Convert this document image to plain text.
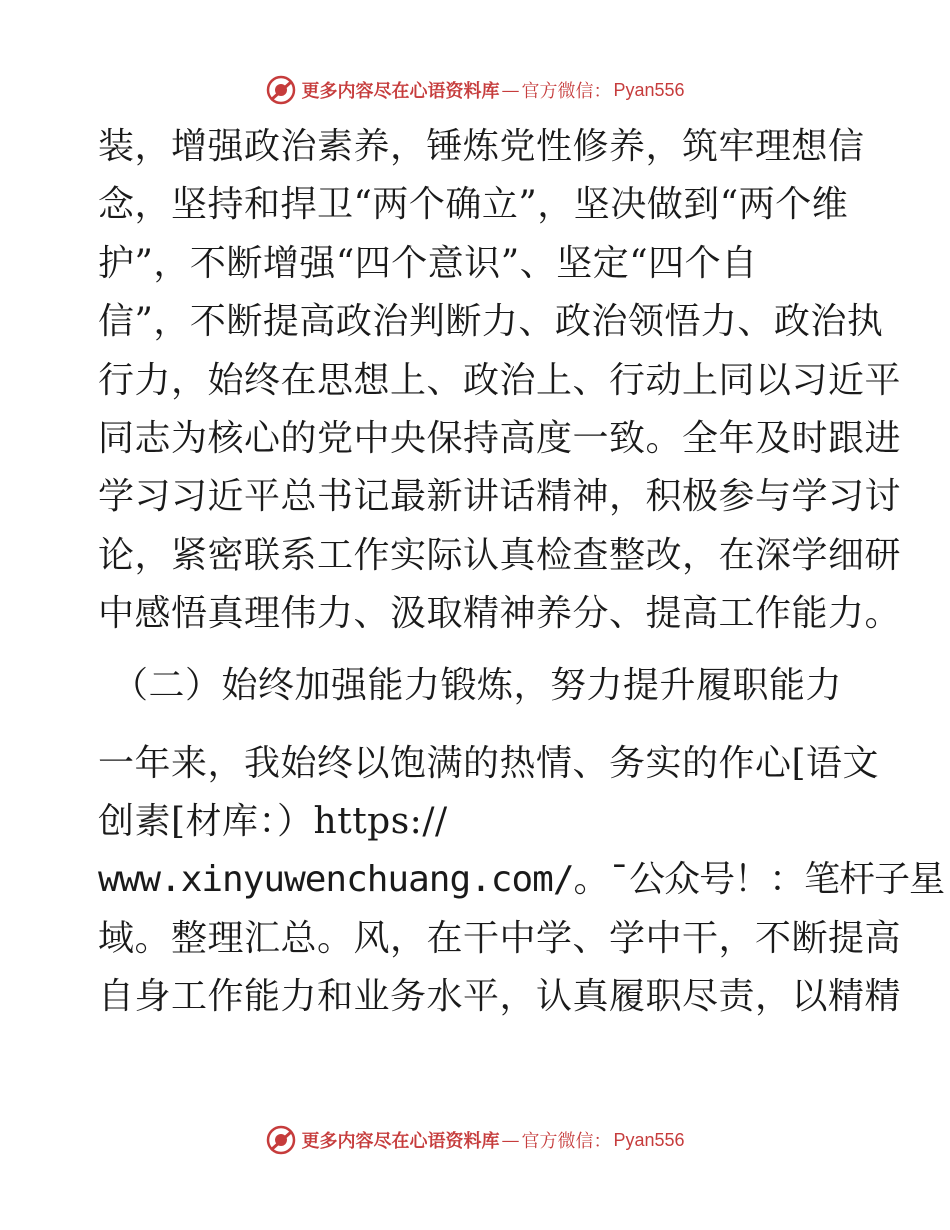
更多内容尽在心语资料库 — 官方微信： Pyan556
装，增强政治素养，锤炼党性修养，筑牢理想信
念，坚持和捍卫“两个确立”，坚决做到“两个维
护”，不断增强“四个意识”、坚定“四个自
信”，不断提高政治判断力、政治领悟力、政治执
行力，始终在思想上、政治上、行动上同以习近平
同志为核心的党中央保持高度一致。全年及时跟进
学习习近平总书记最新讲话精神，积极参与学习讨
论，紧密联系工作实际认真检查整改，在深学细研
中感悟真理伟力、汲取精神养分、提高工作能力。
（二）始终加强能力锻炼，努力提升履职能力
一年来，我始终以饱满的热情、务实的作心[语文
创素[材库：）https://
www.xinyuwenchuang.com/。¯公众号！：笔杆子星
域。整理汇总。风，在干中学、学中干，不断提高
自身工作能力和业务水平，认真履职尽责，以精精
更多内容尽在心语资料库 — 官方微信： Pyan556
